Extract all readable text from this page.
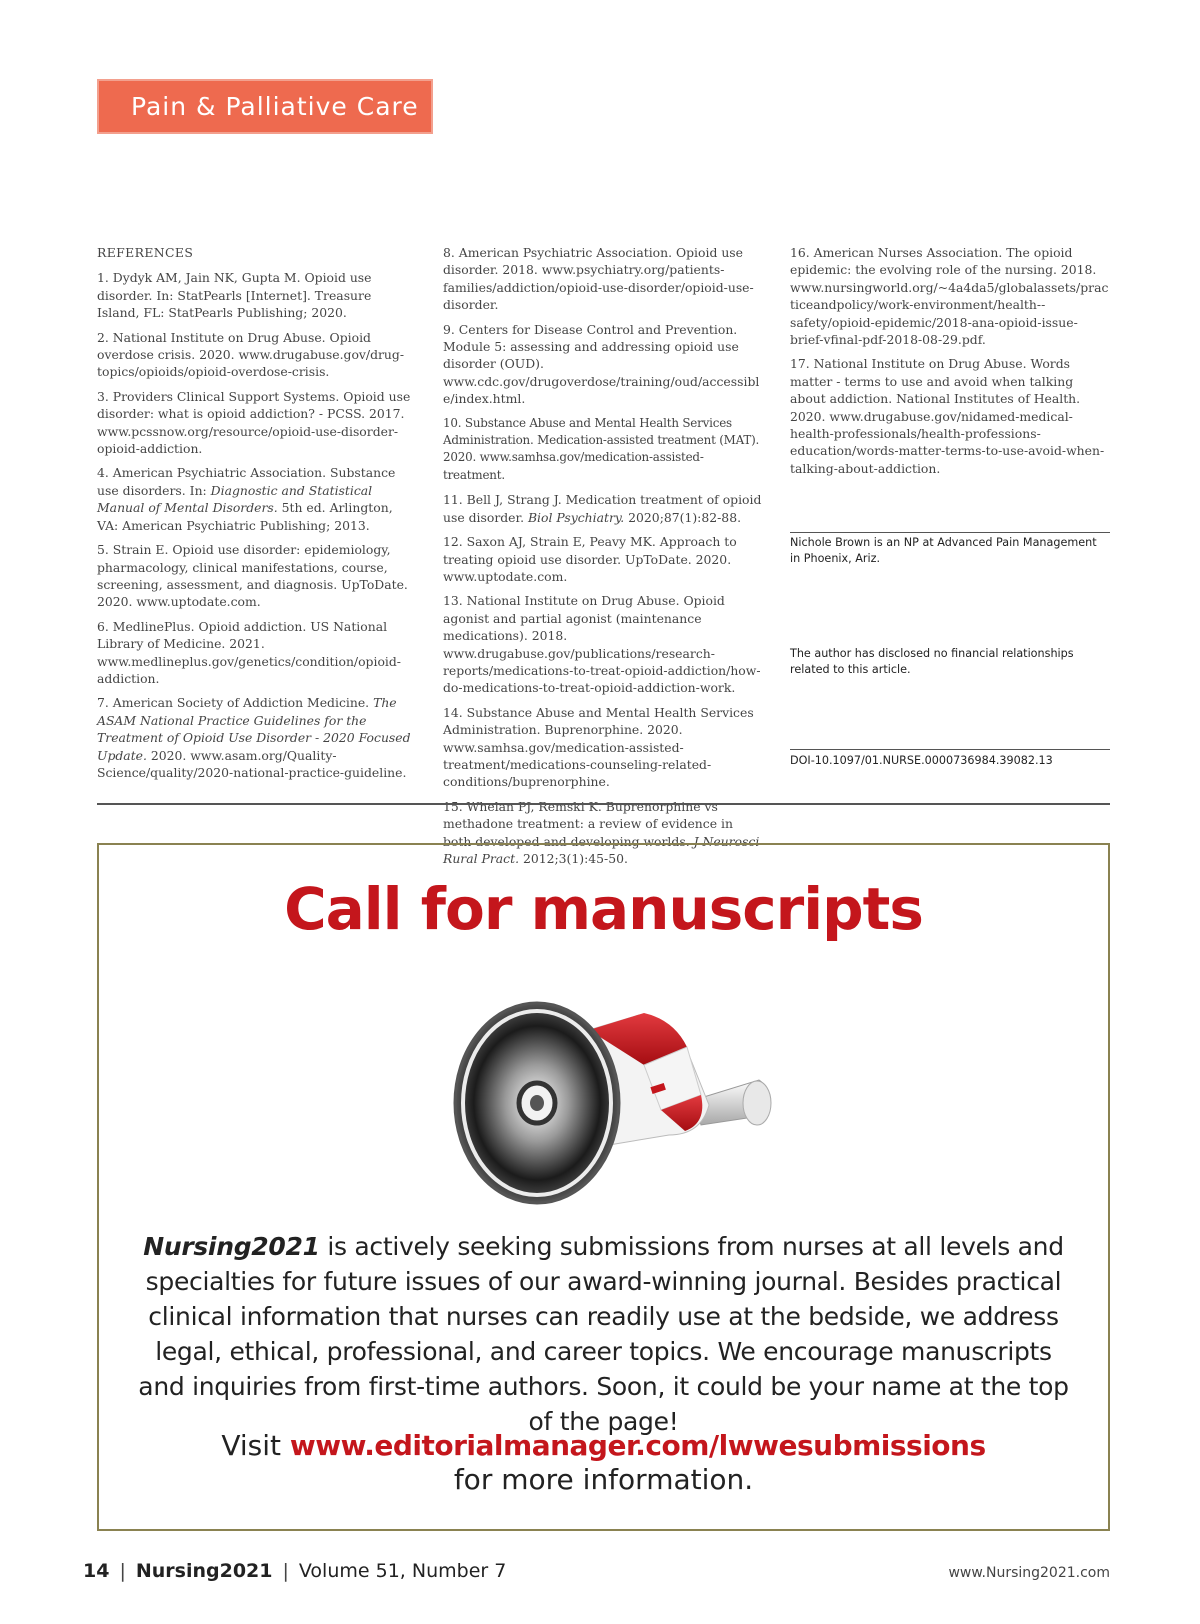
Pain & Palliative Care

REFERENCES

1. Dydyk AM, Jain NK, Gupta M. Opioid use disorder. In: StatPearls [Internet]. Treasure Island, FL: StatPearls Publishing; 2020.

2. National Institute on Drug Abuse. Opioid overdose crisis. 2020. www.drugabuse.gov/drug-topics/opioids/opioid-overdose-crisis.

3. Providers Clinical Support Systems. Opioid use disorder: what is opioid addiction? - PCSS. 2017. www.pcssnow.org/resource/opioid-use-disorder-opioid-addiction.

4. American Psychiatric Association. Substance use disorders. In: Diagnostic and Statistical Manual of Mental Disorders. 5th ed. Arlington, VA: American Psychiatric Publishing; 2013.

5. Strain E. Opioid use disorder: epidemiology, pharmacology, clinical manifestations, course, screening, assessment, and diagnosis. UpToDate. 2020. www.uptodate.com.

6. MedlinePlus. Opioid addiction. US National Library of Medicine. 2021. www.medlineplus.gov/genetics/condition/opioid-addiction.

7. American Society of Addiction Medicine. The ASAM National Practice Guidelines for the Treatment of Opioid Use Disorder - 2020 Focused Update. 2020. www.asam.org/Quality-Science/quality/2020-national-practice-guideline.

8. American Psychiatric Association. Opioid use disorder. 2018. www.psychiatry.org/patients-families/addiction/opioid-use-disorder/opioid-use-disorder.

9. Centers for Disease Control and Prevention. Module 5: assessing and addressing opioid use disorder (OUD). www.cdc.gov/drugoverdose/training/oud/accessible/index.html.

10. Substance Abuse and Mental Health Services Administration. Medication-assisted treatment (MAT). 2020. www.samhsa.gov/medication-assisted-treatment.

11. Bell J, Strang J. Medication treatment of opioid use disorder. Biol Psychiatry. 2020;87(1):82-88.

12. Saxon AJ, Strain E, Peavy MK. Approach to treating opioid use disorder. UpToDate. 2020. www.uptodate.com.

13. National Institute on Drug Abuse. Opioid agonist and partial agonist (maintenance medications). 2018. www.drugabuse.gov/publications/research-reports/medications-to-treat-opioid-addiction/how-do-medications-to-treat-opioid-addiction-work.

14. Substance Abuse and Mental Health Services Administration. Buprenorphine. 2020. www.samhsa.gov/medication-assisted-treatment/medications-counseling-related-conditions/buprenorphine.

15. Whelan PJ, Remski K. Buprenorphine vs methadone treatment: a review of evidence in both developed and developing worlds. J Neurosci Rural Pract. 2012;3(1):45-50.

16. American Nurses Association. The opioid epidemic: the evolving role of the nursing. 2018. www.nursingworld.org/~4a4da5/globalassets/practiceandpolicy/work-environment/health--safety/opioid-epidemic/2018-ana-opioid-issue-brief-vfinal-pdf-2018-08-29.pdf.

17. National Institute on Drug Abuse. Words matter - terms to use and avoid when talking about addiction. National Institutes of Health. 2020. www.drugabuse.gov/nidamed-medical-health-professionals/health-professions-education/words-matter-terms-to-use-avoid-when-talking-about-addiction.

Nichole Brown is an NP at Advanced Pain Management in Phoenix, Ariz.
The author has disclosed no financial relationships related to this article.
DOI-10.1097/01.NURSE.0000736984.39082.13
Call for manuscripts

Nursing2021 is actively seeking submissions from nurses at all levels and specialties for future issues of our award-winning journal. Besides practical clinical information that nurses can readily use at the bedside, we address legal, ethical, professional, and career topics. We encourage manuscripts and inquiries from first-time authors. Soon, it could be your name at the top of the page!

Visit www.editorialmanager.com/lwwesubmissions
for more information.

14 | Nursing2021 | Volume 51, Number 7	www.Nursing2021.com
